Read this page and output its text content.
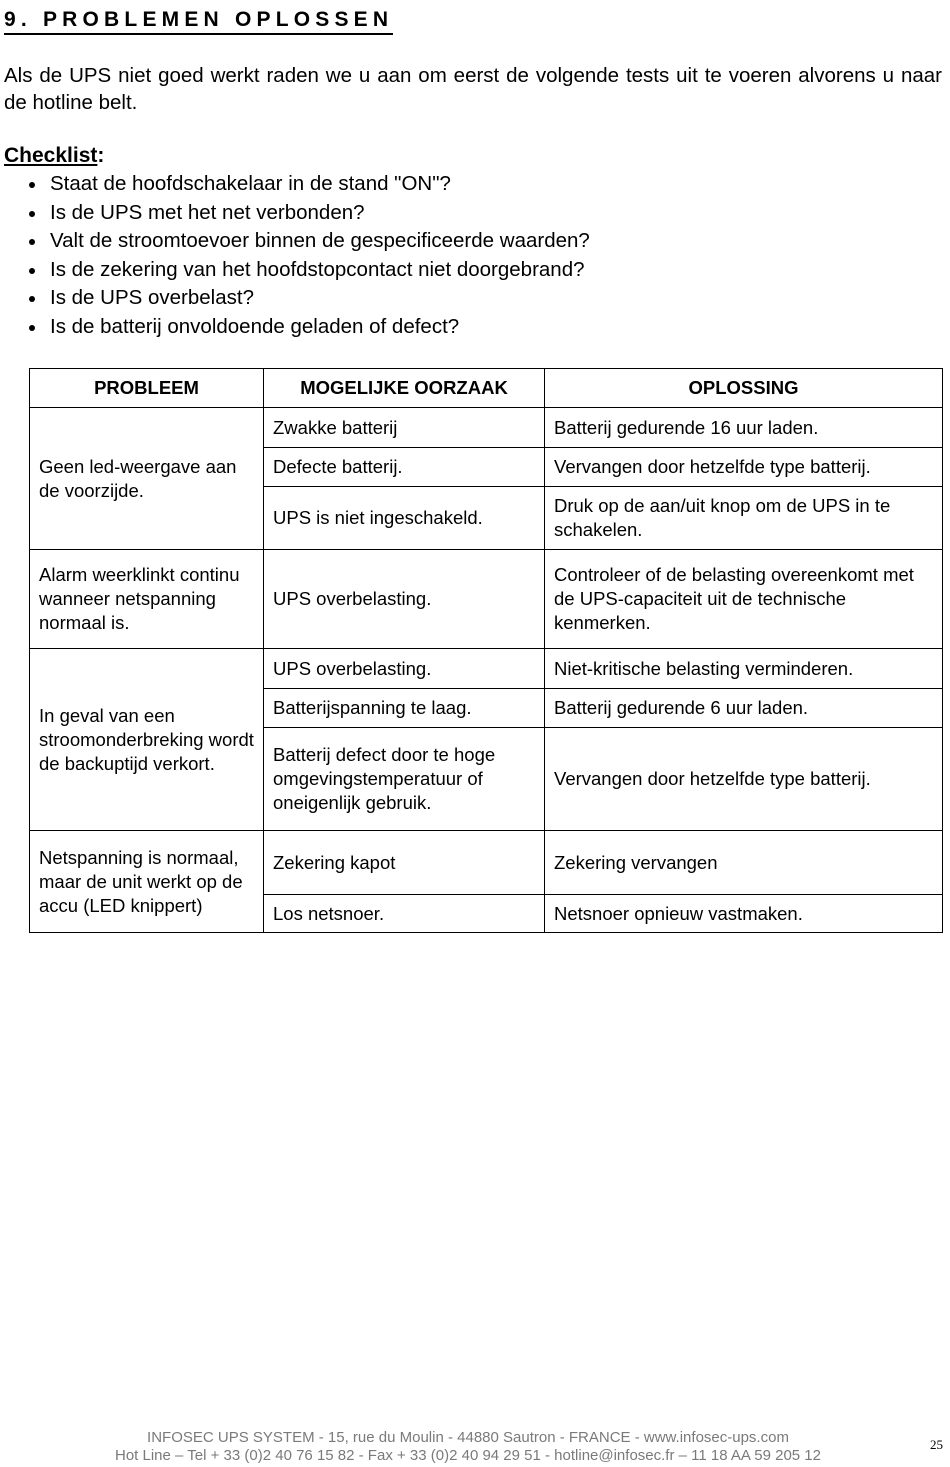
9. PROBLEMEN OPLOSSEN
Als de UPS niet goed werkt raden we u aan om eerst de volgende tests uit te voeren alvorens u naar de hotline belt.
Checklist:
Staat de hoofdschakelaar in de stand "ON"?
Is de UPS met het net verbonden?
Valt de stroomtoevoer binnen de gespecificeerde waarden?
Is de zekering van het hoofdstopcontact niet doorgebrand?
Is de UPS overbelast?
Is de batterij onvoldoende geladen of defect?
PROBLEEM	MOGELIJKE OORZAAK	OPLOSSING
Geen led-weergave aan de voorzijde.	Zwakke batterij	Batterij gedurende 16 uur laden.
	Defecte batterij.	Vervangen door hetzelfde type batterij.
	UPS is niet ingeschakeld.	Druk op de aan/uit knop om de UPS in te schakelen.
Alarm weerklinkt continu wanneer netspanning normaal is.	UPS overbelasting.	Controleer of de belasting overeenkomt met de UPS-capaciteit uit de technische kenmerken.
In geval van een stroomonderbreking wordt de backuptijd verkort.	UPS overbelasting.	Niet-kritische belasting verminderen.
	Batterijspanning te laag.	Batterij gedurende 6 uur laden.
	Batterij defect door te hoge omgevingstemperatuur of oneigenlijk gebruik.	Vervangen door hetzelfde type batterij.
Netspanning is normaal, maar de unit werkt op de accu (LED knippert)	Zekering kapot	Zekering vervangen
	Los netsnoer.	Netsnoer opnieuw vastmaken.
INFOSEC UPS SYSTEM - 15, rue du Moulin - 44880 Sautron - FRANCE - www.infosec-ups.com
Hot Line – Tel + 33 (0)2 40 76 15 82 - Fax + 33 (0)2 40 94 29 51 - hotline@infosec.fr – 11 18 AA 59 205 12
25
